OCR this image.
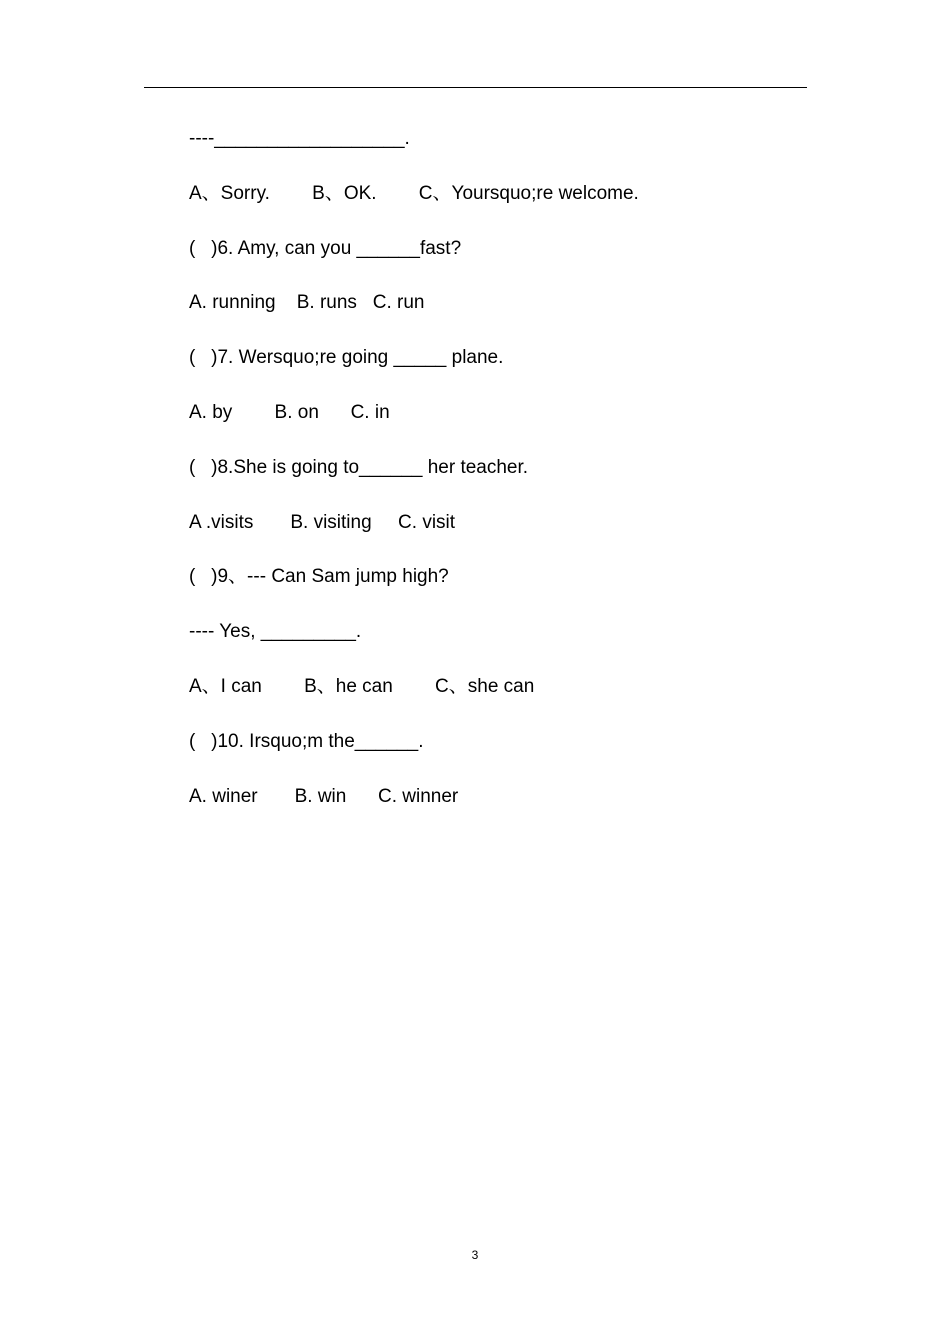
----__________________.
A、Sorry.        B、OK.        C、Yoursquo;re welcome.
(   )6. Amy, can you ______fast?
A. running    B. runs   C. run
(   )7. Wersquo;re going _____ plane.
A. by        B. on      C. in
(   )8.She is going to______ her teacher.
A .visits       B. visiting     C. visit
(   )9、--- Can Sam jump high?
---- Yes, _________.
A、I can        B、he can        C、she can
(   )10. Irsquo;m the______.
A. winer       B. win      C. winner
3
